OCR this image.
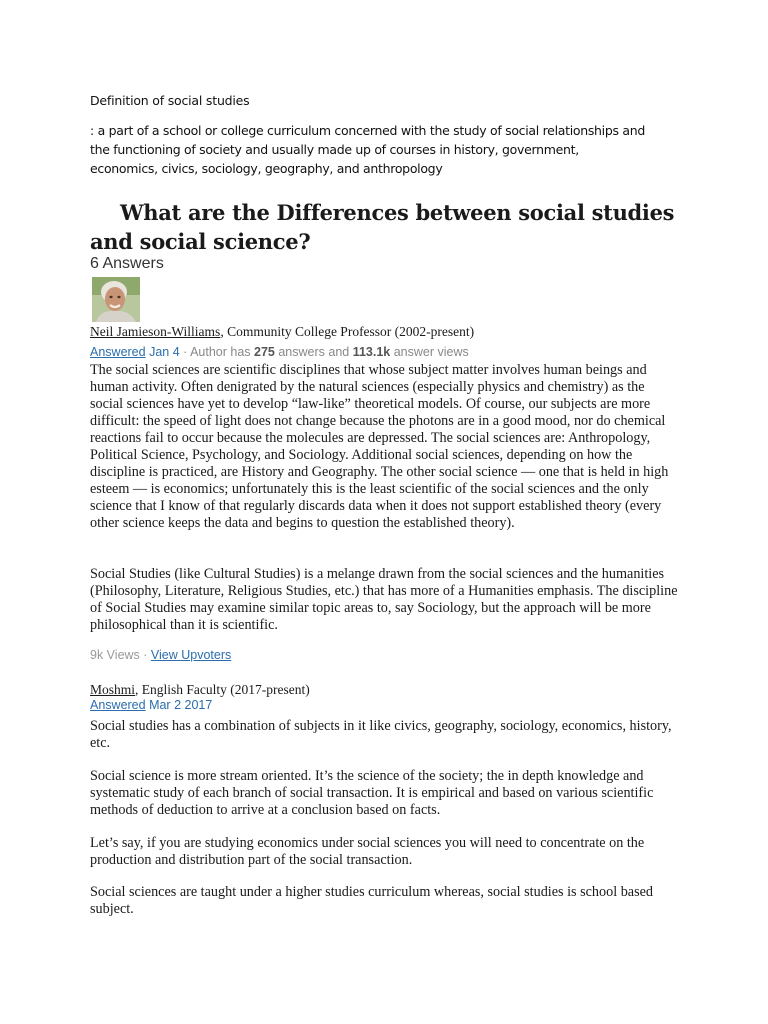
Definition of social studies
: a part of a school or college curriculum concerned with the study of social relationships and the functioning of society and usually made up of courses in history, government, economics, civics, sociology, geography, and anthropology
What are the Differences between social studies and social science?
6 Answers
Neil Jamieson-Williams, Community College Professor (2002-present)
Answered Jan 4 · Author has 275 answers and 113.1k answer views

The social sciences are scientific disciplines that whose subject matter involves human beings and human activity. Often denigrated by the natural sciences (especially physics and chemistry) as the social sciences have yet to develop “law-like” theoretical models. Of course, our subjects are more difficult: the speed of light does not change because the photons are in a good mood, nor do chemical reactions fail to occur because the molecules are depressed. The social sciences are: Anthropology, Political Science, Psychology, and Sociology. Additional social sciences, depending on how the discipline is practiced, are History and Geography. The other social science — one that is held in high esteem — is economics; unfortunately this is the least scientific of the social sciences and the only science that I know of that regularly discards data when it does not support established theory (every other science keeps the data and begins to question the established theory).

Social Studies (like Cultural Studies) is a melange drawn from the social sciences and the humanities (Philosophy, Literature, Religious Studies, etc.) that has more of a Humanities emphasis. The discipline of Social Studies may examine similar topic areas to, say Sociology, but the approach will be more philosophical than it is scientific.

9k Views · View Upvoters
Moshmi, English Faculty (2017-present)
Answered Mar 2 2017

Social studies has a combination of subjects in it like civics, geography, sociology, economics, history, etc.

Social science is more stream oriented. It’s the science of the society; the in depth knowledge and systematic study of each branch of social transaction. It is empirical and based on various scientific methods of deduction to arrive at a conclusion based on facts.

Let’s say, if you are studying economics under social sciences you will need to concentrate on the production and distribution part of the social transaction.

Social sciences are taught under a higher studies curriculum whereas, social studies is school based subject.
